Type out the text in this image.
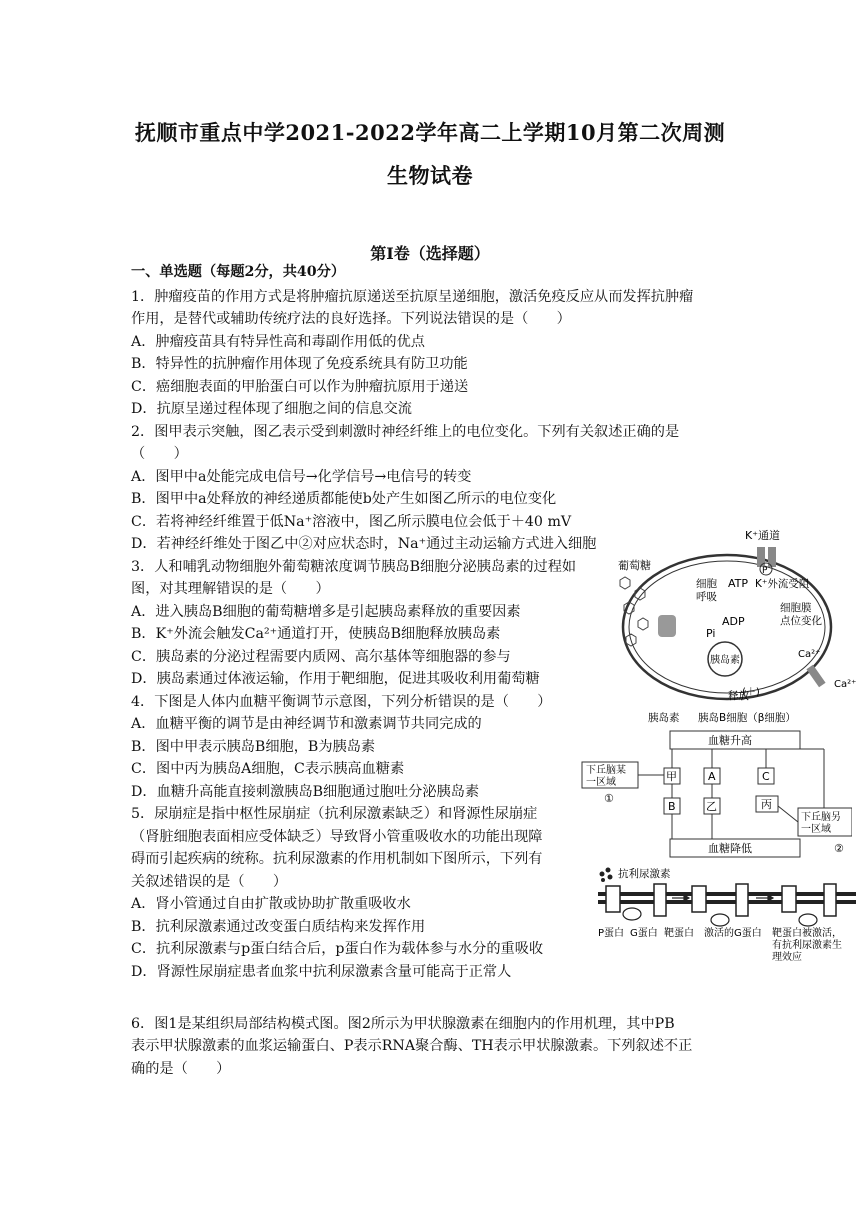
抚顺市重点中学2021-2022学年高二上学期10月第二次周测
生物试卷
第I卷（选择题）
一、单选题（每题2分，共40分）
1．肿瘤疫苗的作用方式是将肿瘤抗原递送至抗原呈递细胞，激活免疫反应从而发挥抗肿瘤
作用，是替代或辅助传统疗法的良好选择。下列说法错误的是（　　）
A．肿瘤疫苗具有特异性高和毒副作用低的优点
B．特异性的抗肿瘤作用体现了免疫系统具有防卫功能
C．癌细胞表面的甲胎蛋白可以作为肿瘤抗原用于递送
D．抗原呈递过程体现了细胞之间的信息交流
2．图甲表示突触，图乙表示受到刺激时神经纤维上的电位变化。下列有关叙述正确的是
（　　）
A．图甲中a处能完成电信号→化学信号→电信号的转变
B．图甲中a处释放的神经递质都能使b处产生如图乙所示的电位变化
C．若将神经纤维置于低Na⁺溶液中，图乙所示膜电位会低于＋40 mV
D．若神经纤维处于图乙中②对应状态时，Na⁺通过主动运输方式进入细胞
3．人和哺乳动物细胞外葡萄糖浓度调节胰岛B细胞分泌胰岛素的过程如
图，对其理解错误的是（　　）
A．进入胰岛B细胞的葡萄糖增多是引起胰岛素释放的重要因素
B．K⁺外流会触发Ca²⁺通道打开，使胰岛B细胞释放胰岛素
C．胰岛素的分泌过程需要内质网、高尔基体等细胞器的参与
D．胰岛素通过体液运输，作用于靶细胞，促进其吸收利用葡萄糖
4．下图是人体内血糖平衡调节示意图，下列分析错误的是（　　）
A．血糖平衡的调节是由神经调节和激素调节共同完成的
B．图中甲表示胰岛B细胞，B为胰岛素
C．图中丙为胰岛A细胞，C表示胰高血糖素
D．血糖升高能直接刺激胰岛B细胞通过胞吐分泌胰岛素
5．尿崩症是指中枢性尿崩症（抗利尿激素缺乏）和肾源性尿崩症
（肾脏细胞表面相应受体缺乏）导致肾小管重吸收水的功能出现障
碍而引起疾病的统称。抗利尿激素的作用机制如下图所示，下列有
关叙述错误的是（　　）
A．肾小管通过自由扩散或协助扩散重吸收水
B．抗利尿激素通过改变蛋白质结构来发挥作用
C．抗利尿激素与p蛋白结合后，p蛋白作为载体参与水分的重吸收
D．肾源性尿崩症患者血浆中抗利尿激素含量可能高于正常人
6．图1是某组织局部结构模式图。图2所示为甲状腺激素在细胞内的作用机理，其中PB
表示甲状腺激素的血浆运输蛋白、P表示RNA聚合酶、TH表示甲状腺激素。下列叙述不正
确的是（　　）
K⁺通道
葡萄糖
细胞呼吸
ATP
ADP
Pi
P
K⁺外流受阻
细胞膜点位变化
胰岛素
释放
(＋)
Ca²⁺
Ca²⁺
胰岛素 胰岛B细胞（β细胞）
血糖升高
血糖降低
下丘脑某一区域
①
甲
B
A
乙
C
丙
下丘脑另一区域
②
抗利尿激素
P蛋白 G蛋白 靶蛋白 激活的G蛋白 靶蛋白被激活，有抗利尿激素生理效应
